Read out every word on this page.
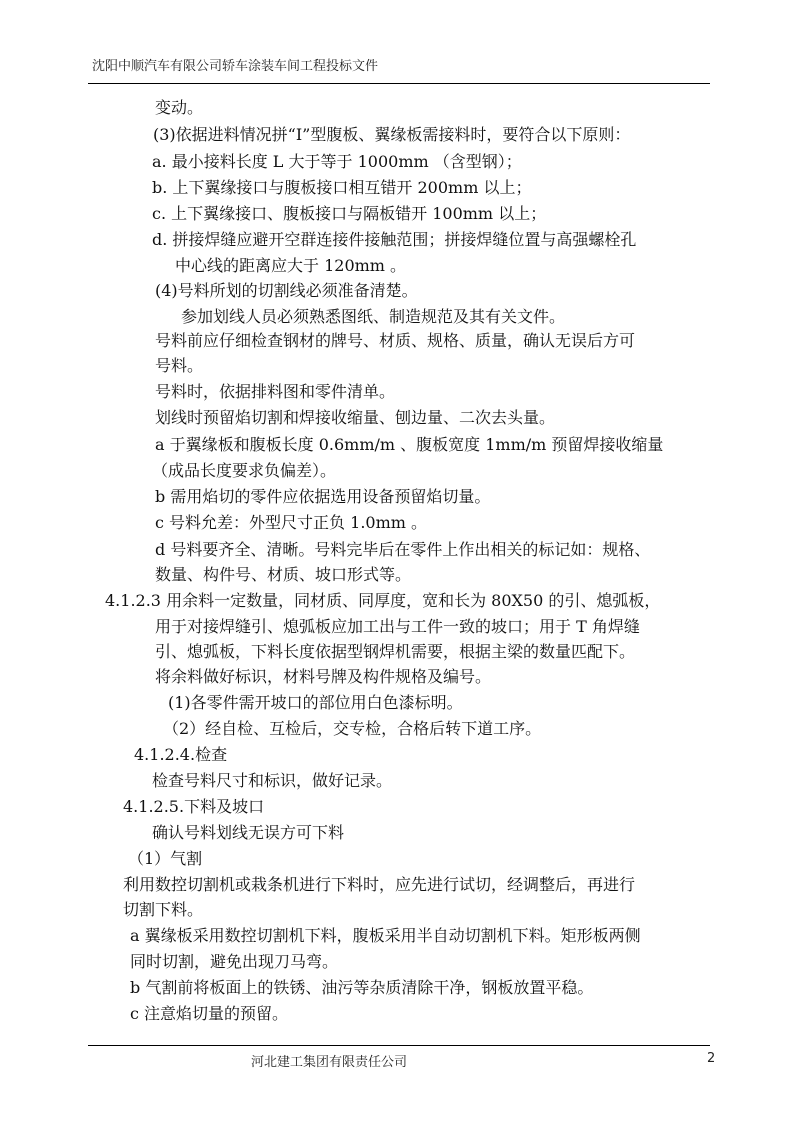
沈阳中顺汽车有限公司轿车涂装车间工程投标文件
变动。
(3)依据进料情况拼“I”型腹板、翼缘板需接料时，要符合以下原则：
a. 最小接料长度 L 大于等于 1000mm （含型钢）；
b. 上下翼缘接口与腹板接口相互错开 200mm 以上；
c. 上下翼缘接口、腹板接口与隔板错开 100mm 以上；
d. 拼接焊缝应避开空群连接件接触范围；拼接焊缝位置与高强螺栓孔
中心线的距离应大于 120mm 。
(4)号料所划的切割线必须准备清楚。
参加划线人员必须熟悉图纸、制造规范及其有关文件。
号料前应仔细检查钢材的牌号、材质、规格、质量，确认无误后方可
号料。
号料时，依据排料图和零件清单。
划线时预留焰切割和焊接收缩量、刨边量、二次去头量。
a 于翼缘板和腹板长度 0.6mm/m 、腹板宽度 1mm/m 预留焊接收缩量
（成品长度要求负偏差）。
b 需用焰切的零件应依据选用设备预留焰切量。
c 号料允差：外型尺寸正负 1.0mm 。
d 号料要齐全、清晰。号料完毕后在零件上作出相关的标记如：规格、
数量、构件号、材质、坡口形式等。
4.1.2.3 用余料一定数量，同材质、同厚度，宽和长为 80X50 的引、熄弧板，
用于对接焊缝引、熄弧板应加工出与工件一致的坡口；用于 T 角焊缝
引、熄弧板，下料长度依据型钢焊机需要，根据主梁的数量匹配下。
将余料做好标识，材料号牌及构件规格及编号。
(1)各零件需开坡口的部位用白色漆标明。
（2）经自检、互检后，交专检，合格后转下道工序。
4.1.2.4.检查
检查号料尺寸和标识，做好记录。
4.1.2.5.下料及坡口
确认号料划线无误方可下料
（1）气割
利用数控切割机或栽条机进行下料时，应先进行试切，经调整后，再进行
切割下料。
a 翼缘板采用数控切割机下料，腹板采用半自动切割机下料。矩形板两侧
同时切割，避免出现刀马弯。
b 气割前将板面上的铁锈、油污等杂质清除干净，钢板放置平稳。
c 注意焰切量的预留。
河北建工集团有限责任公司	2
